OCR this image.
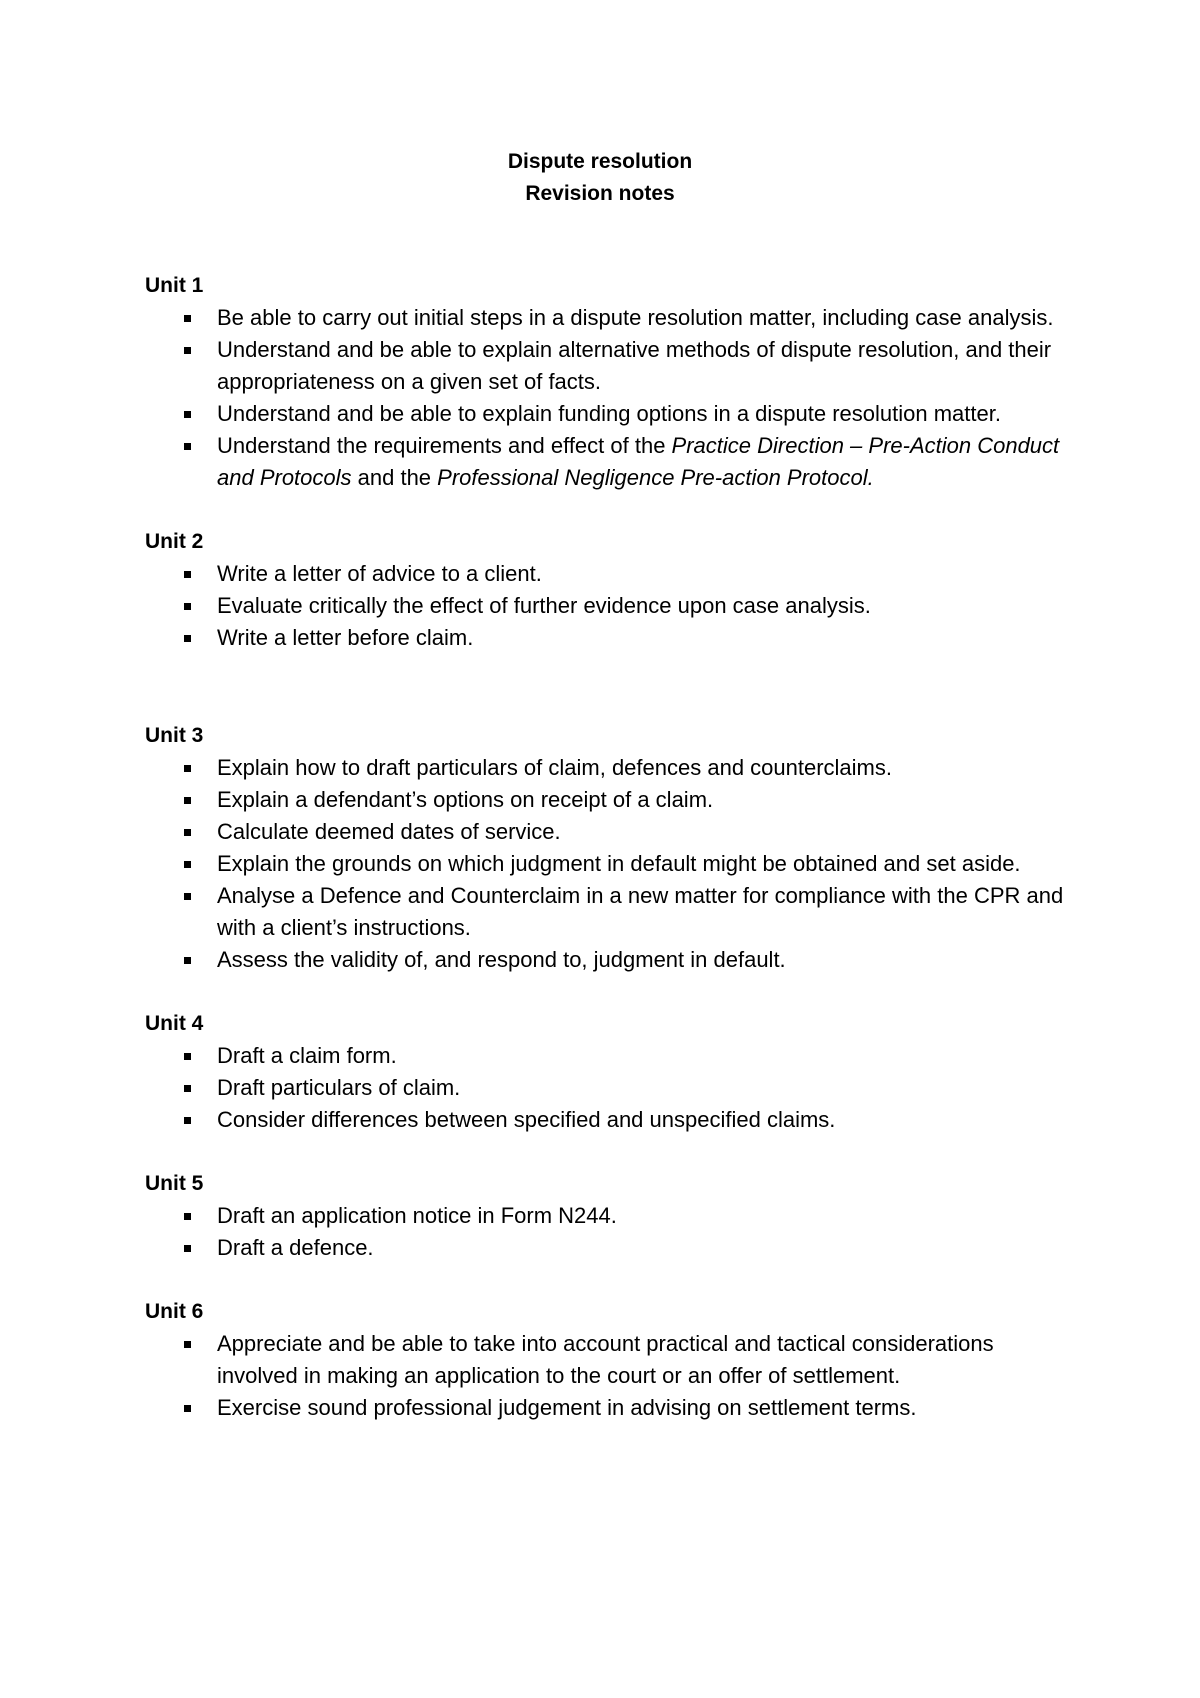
Dispute resolution
Revision notes
Unit 1
Be able to carry out initial steps in a dispute resolution matter, including case analysis.
Understand and be able to explain alternative methods of dispute resolution, and their appropriateness on a given set of facts.
Understand and be able to explain funding options in a dispute resolution matter.
Understand the requirements and effect of the Practice Direction – Pre-Action Conduct and Protocols and the Professional Negligence Pre-action Protocol.
Unit 2
Write a letter of advice to a client.
Evaluate critically the effect of further evidence upon case analysis.
Write a letter before claim.
Unit 3
Explain how to draft particulars of claim, defences and counterclaims.
Explain a defendant’s options on receipt of a claim.
Calculate deemed dates of service.
Explain the grounds on which judgment in default might be obtained and set aside.
Analyse a Defence and Counterclaim in a new matter for compliance with the CPR and with a client’s instructions.
Assess the validity of, and respond to, judgment in default.
Unit 4
Draft a claim form.
Draft particulars of claim.
Consider differences between specified and unspecified claims.
Unit 5
Draft an application notice in Form N244.
Draft a defence.
Unit 6
Appreciate and be able to take into account practical and tactical considerations involved in making an application to the court or an offer of settlement.
Exercise sound professional judgement in advising on settlement terms.
